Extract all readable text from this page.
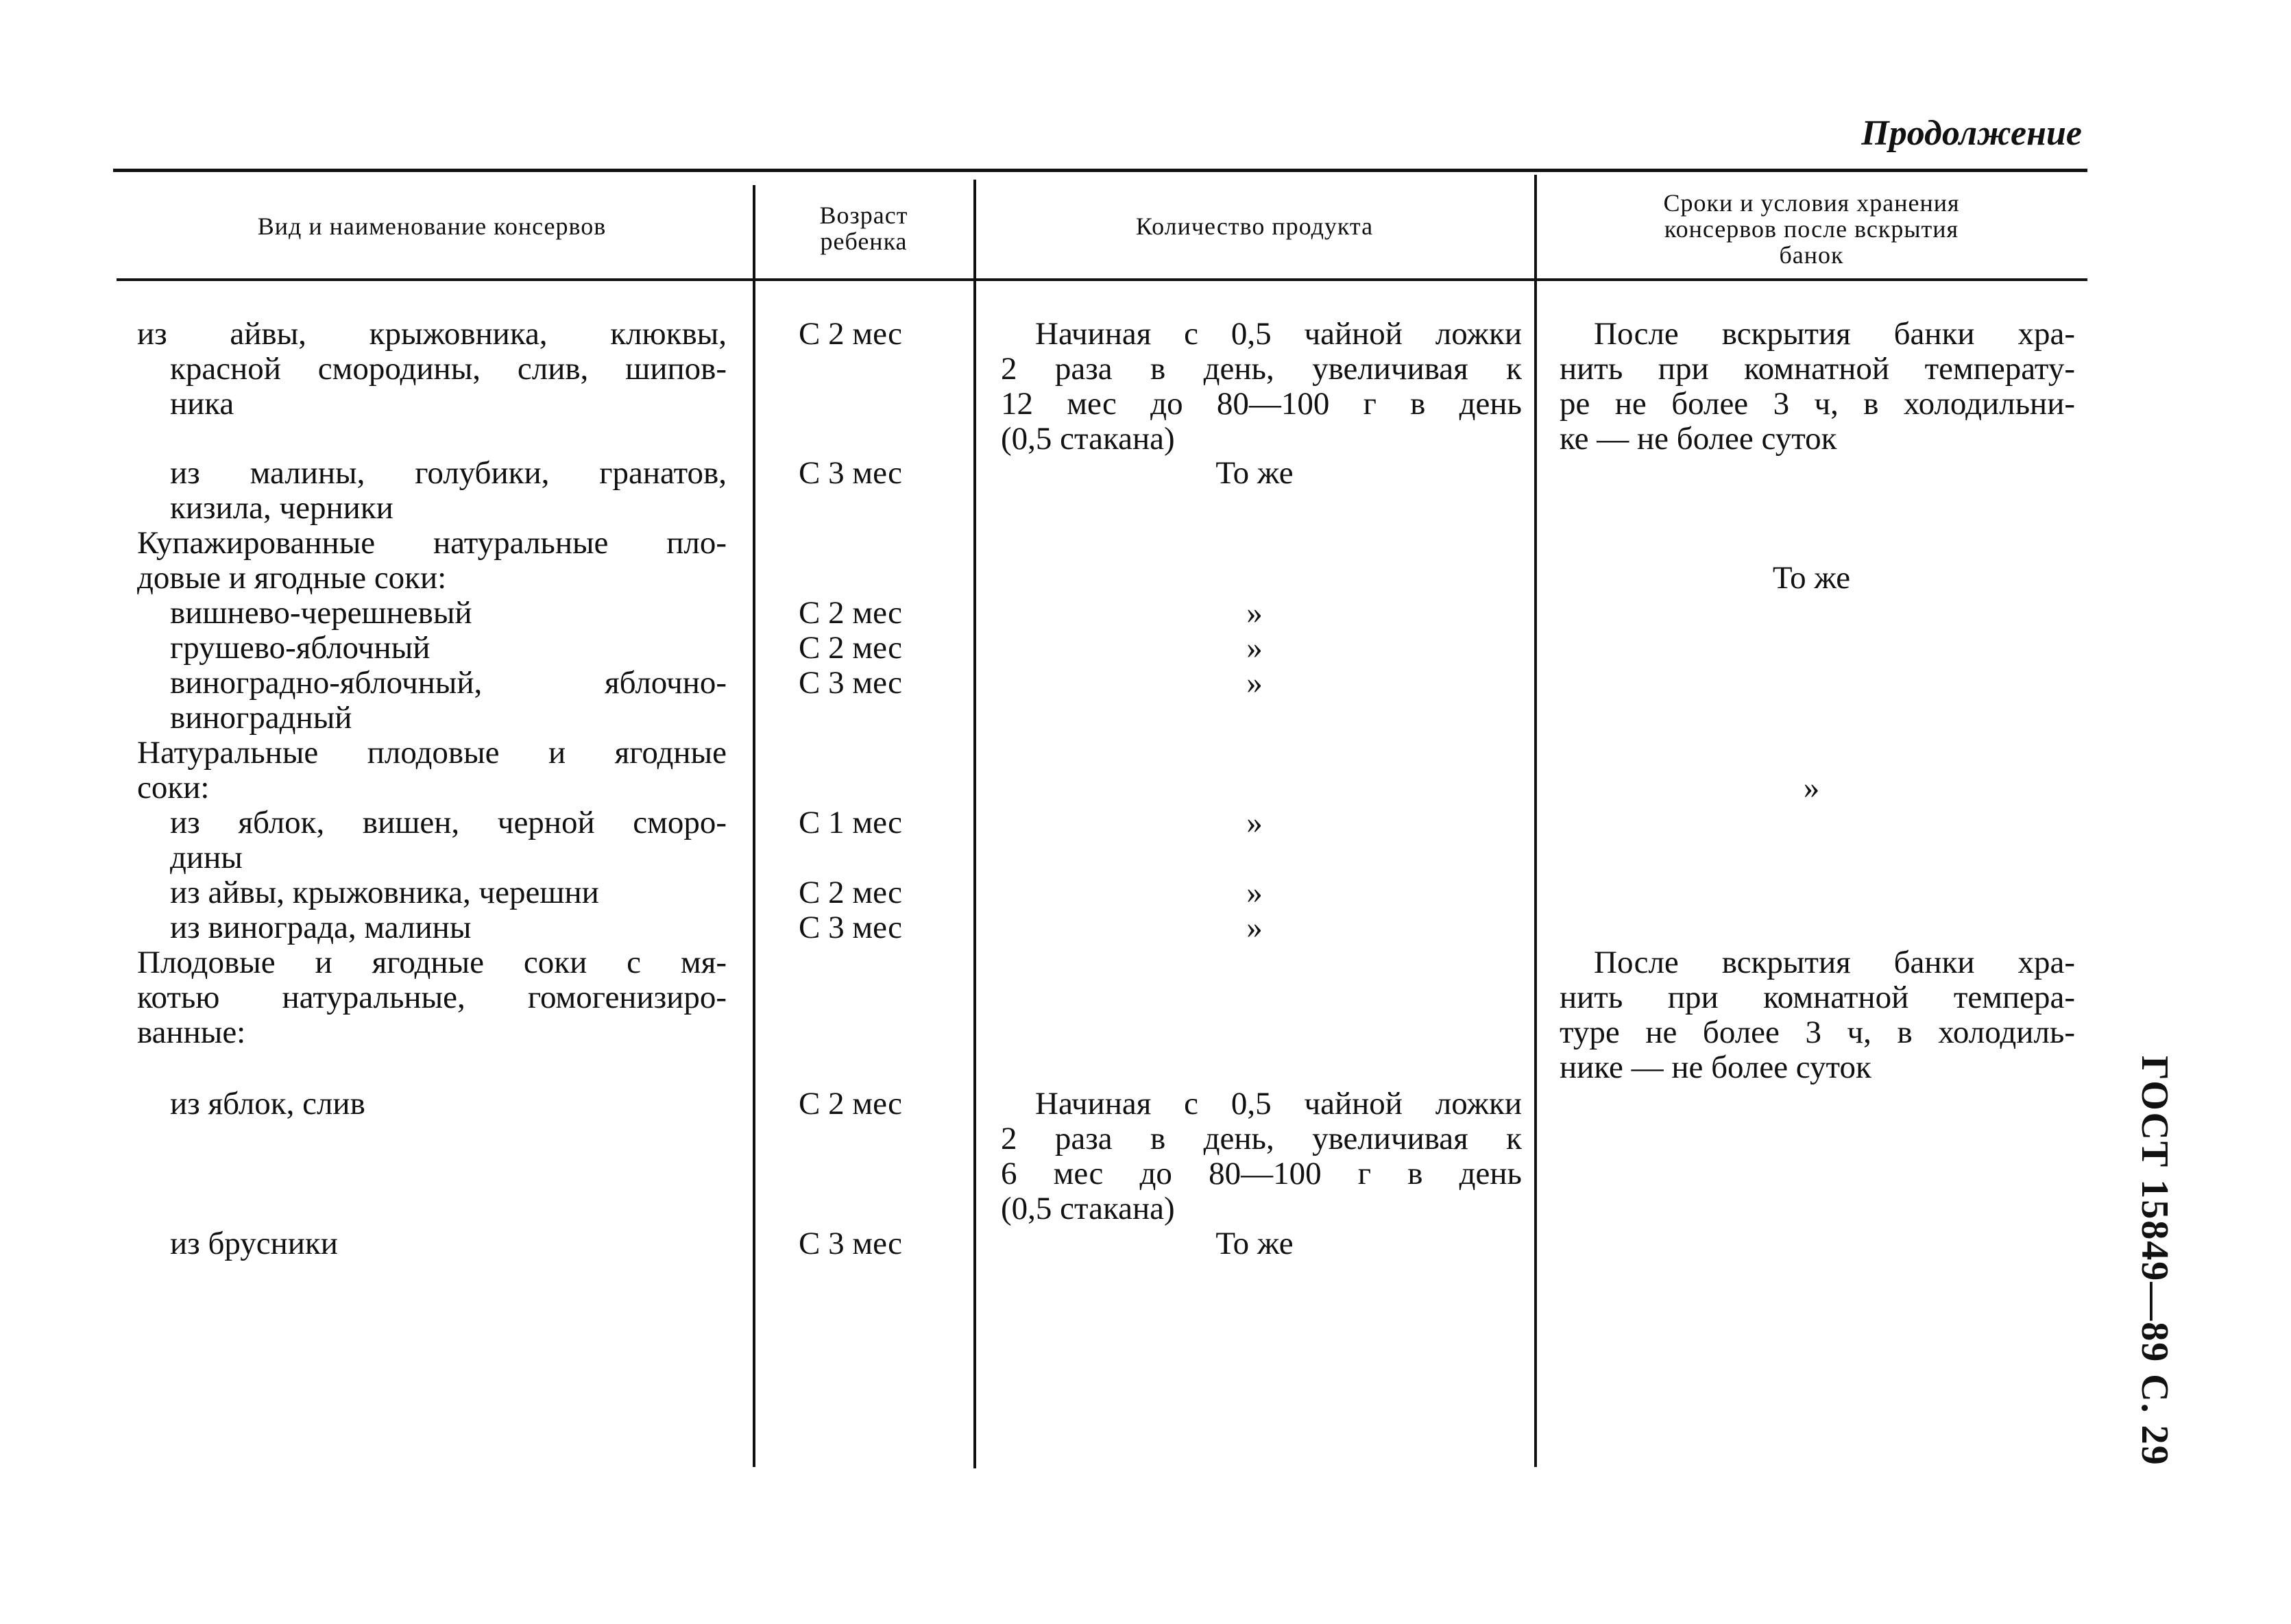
Продолжение
Вид и наименование консервов	Возраст
ребенка
Количество продукта
Сроки и условия хранения
консервов после вскрытия
банок
из айвы, крыжовника, клюквы,
красной смородины, слив, шипов-
ника
из малины, голубики, гранатов,
кизила, черники
Купажированные натуральные пло-
довые и ягодные соки:
вишнево-черешневый
грушево-яблочный
виноградно-яблочный, яблочно-
виноградный
Натуральные плодовые и ягодные
соки:
из яблок, вишен, черной сморо-
дины
из айвы, крыжовника, черешни
из винограда, малины
Плодовые и ягодные соки с мя-
котью натуральные, гомогенизиро-
ванные:
из яблок, слив
из брусники
С 2 мес
С 3 мес
С 2 мес
С 2 мес
С 3 мес
С 1 мес
С 2 мес
С 3 мес
С 2 мес
С 3 мес
Начиная с 0,5 чайной ложки
2 раза в день, увеличивая к
12 мес до 80—100 г в день
(0,5 стакана)
То же
»
»
»
»
»
»
Начиная с 0,5 чайной ложки
2 раза в день, увеличивая к
6 мес до 80—100 г в день
(0,5 стакана)
То же
После вскрытия банки хра-
нить при комнатной температу-
ре не более 3 ч, в холодильни-
ке — не более суток
То же
»
После вскрытия банки хра-
нить при комнатной темпера-
туре не более 3 ч, в холодиль-
нике — не более суток	ГОСТ 15849—89 С. 29
